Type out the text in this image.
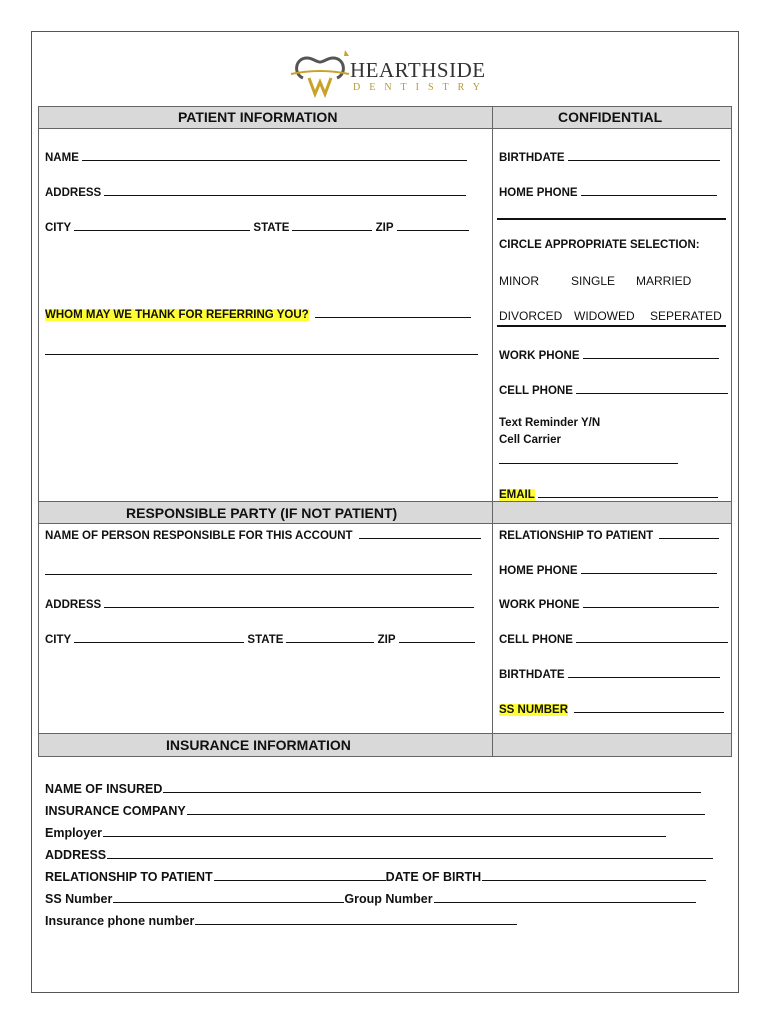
HEARTHSIDE
DENTISTRY
PATIENT INFORMATION	CONFIDENTIAL
NAME
ADDRESS
CITY	STATE	ZIP
WHOM MAY WE THANK FOR REFERRING YOU?
BIRTHDATE
HOME PHONE
CIRCLE APPROPRIATE SELECTION:
MINOR	SINGLE MARRIED
DIVORCED WIDOWED SEPERATED
WORK PHONE
CELL PHONE
Text Reminder Y/N
Cell Carrier
EMAIL
RESPONSIBLE PARTY (IF NOT PATIENT)
NAME OF PERSON RESPONSIBLE FOR THIS ACCOUNT
ADDRESS
CITY	STATE	ZIP
RELATIONSHIP TO PATIENT
HOME PHONE
WORK PHONE
CELL PHONE
BIRTHDATE
SS NUMBER
INSURANCE INFORMATION
NAME OF INSURED
INSURANCE COMPANY
Employer
ADDRESS
RELATIONSHIP TO PATIENT	DATE OF BIRTH
SS Number	Group Number
Insurance phone number
